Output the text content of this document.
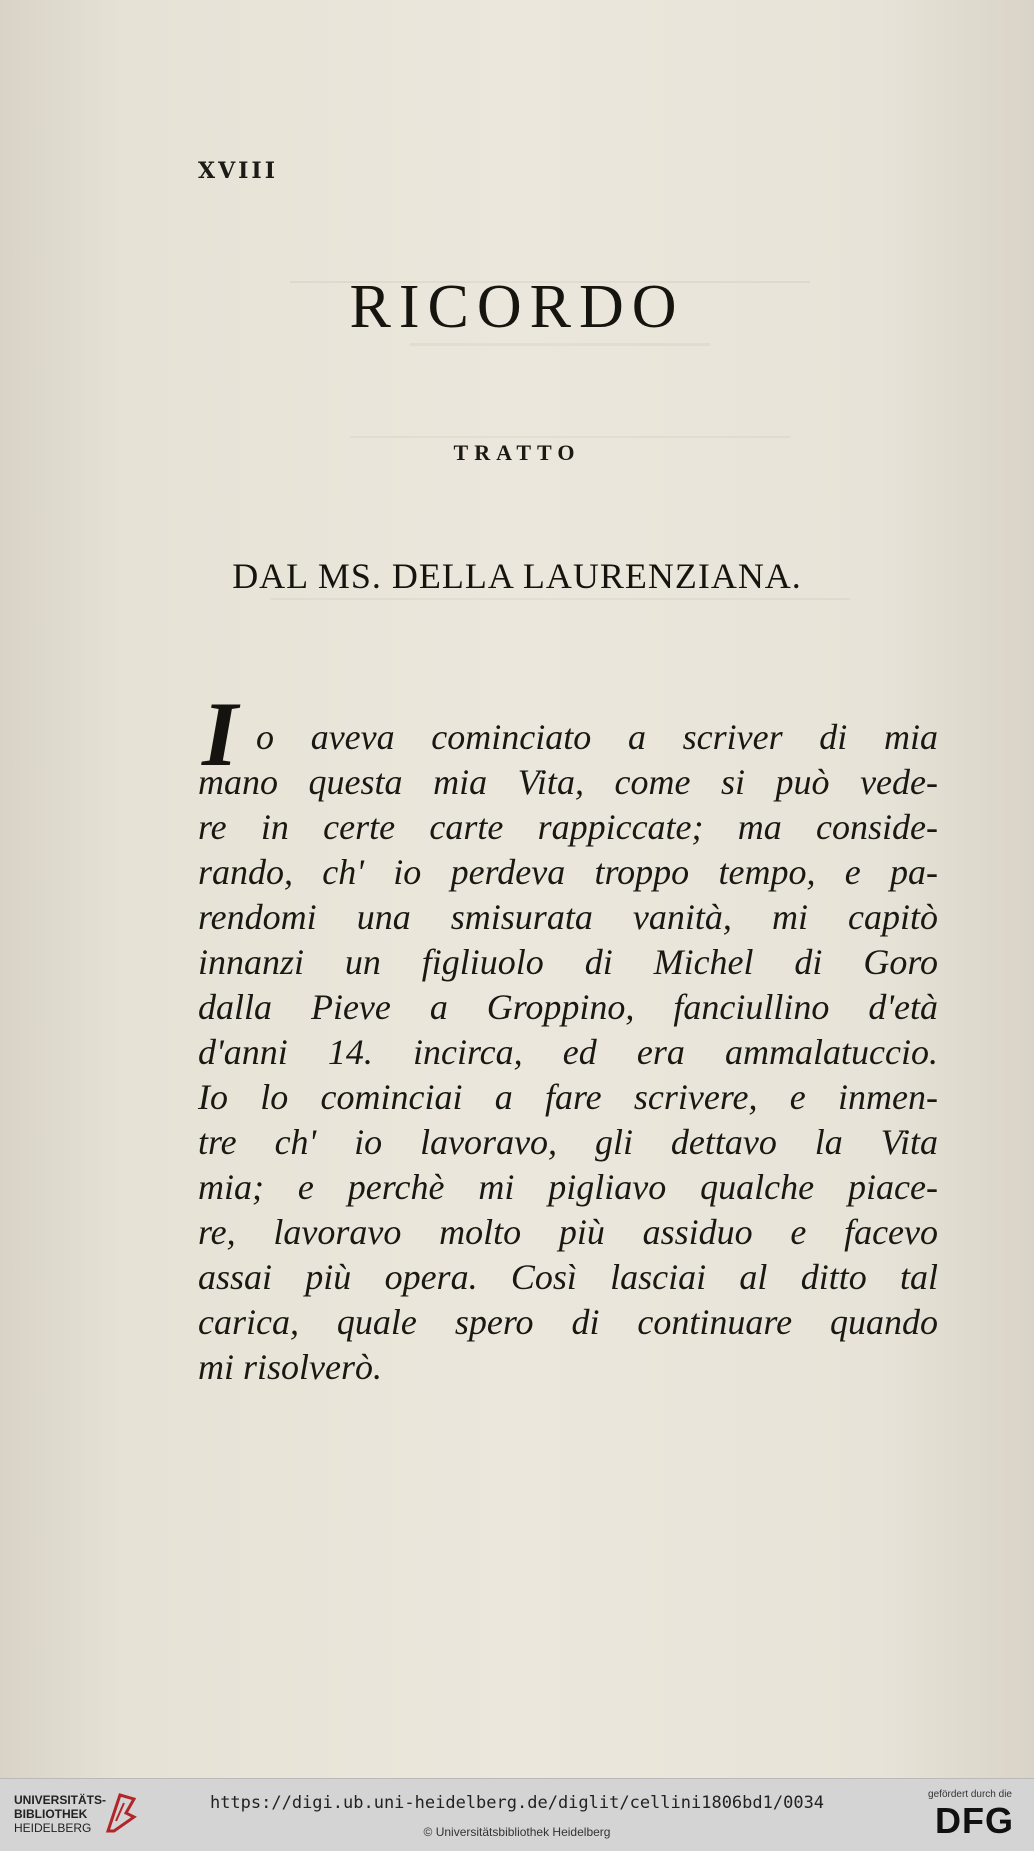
XVIII
RICORDO
TRATTO
DAL MS. DELLA LAURENZIANA.
I o aveva cominciato a scriver di mia
mano questa mia Vita, come si può vede-
re in certe carte rappiccate; ma conside-
rando, ch' io perdeva troppo tempo, e pa-
rendomi una smisurata vanità, mi capitò
innanzi un figliuolo di Michel di Goro
dalla Pieve a Groppino, fanciullino d'età
d'anni 14. incirca, ed era ammalatuccio.
Io lo cominciai a fare scrivere, e inmen-
tre ch' io lavoravo, gli dettavo la Vita
mia; e perchè mi pigliavo qualche piace-
re, lavoravo molto più assiduo e facevo
assai più opera. Così lasciai al ditto tal
carica, quale spero di continuare quando
mi risolverò.
UNIVERSITÄTS-
BIBLIOTHEK
HEIDELBERG
https://digi.ub.uni-heidelberg.de/diglit/cellini1806bd1/0034
© Universitätsbibliothek Heidelberg
gefördert durch die
DFG
